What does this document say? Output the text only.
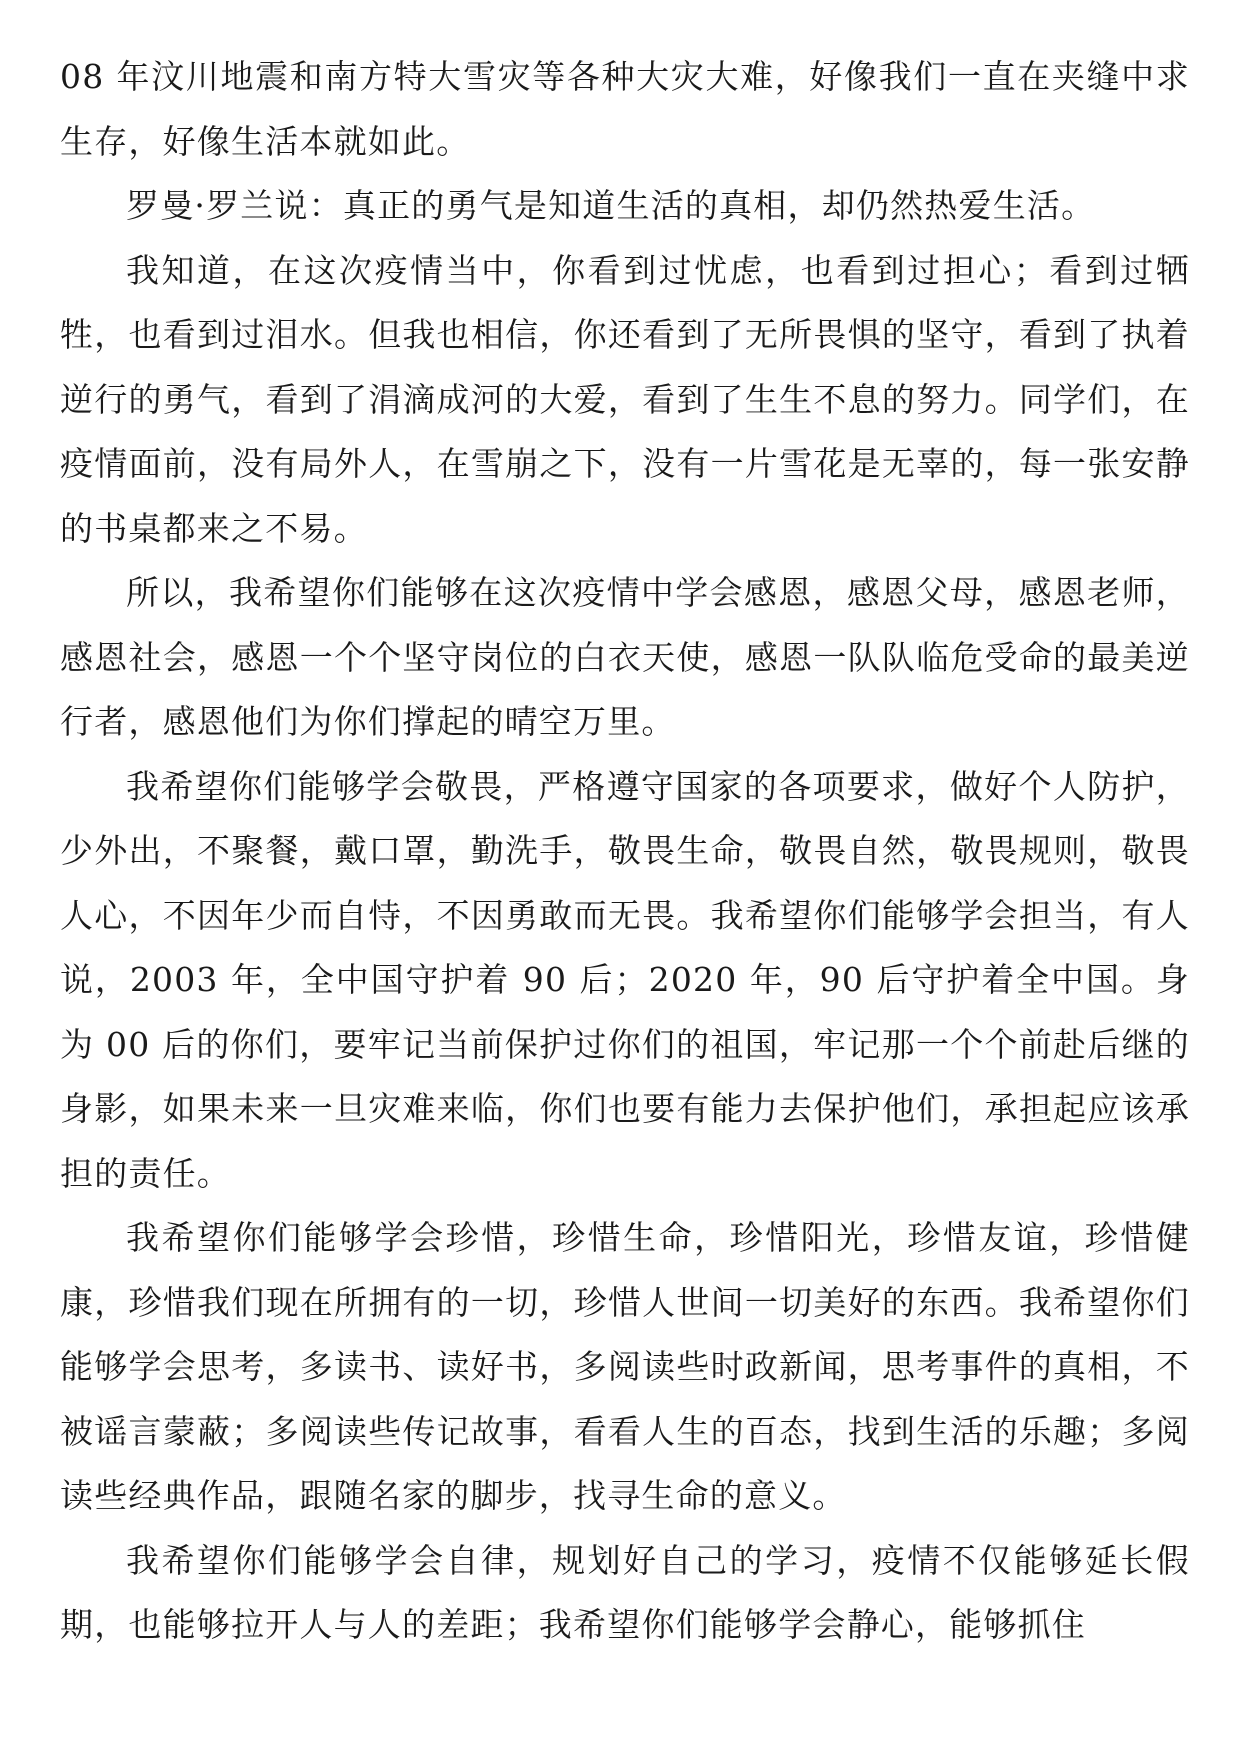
08 年汶川地震和南方特大雪灾等各种大灾大难，好像我们一直在夹缝中求生存，好像生活本就如此。

罗曼·罗兰说：真正的勇气是知道生活的真相，却仍然热爱生活。

我知道，在这次疫情当中，你看到过忧虑，也看到过担心；看到过牺牲，也看到过泪水。但我也相信，你还看到了无所畏惧的坚守，看到了执着逆行的勇气，看到了涓滴成河的大爱，看到了生生不息的努力。同学们，在疫情面前，没有局外人，在雪崩之下，没有一片雪花是无辜的，每一张安静的书桌都来之不易。

所以，我希望你们能够在这次疫情中学会感恩，感恩父母，感恩老师，感恩社会，感恩一个个坚守岗位的白衣天使，感恩一队队临危受命的最美逆行者，感恩他们为你们撑起的晴空万里。

我希望你们能够学会敬畏，严格遵守国家的各项要求，做好个人防护，少外出，不聚餐，戴口罩，勤洗手，敬畏生命，敬畏自然，敬畏规则，敬畏人心，不因年少而自恃，不因勇敢而无畏。我希望你们能够学会担当，有人说，2003 年，全中国守护着 90 后；2020 年，90 后守护着全中国。身为 00 后的你们，要牢记当前保护过你们的祖国，牢记那一个个前赴后继的身影，如果未来一旦灾难来临，你们也要有能力去保护他们，承担起应该承担的责任。

我希望你们能够学会珍惜，珍惜生命，珍惜阳光，珍惜友谊，珍惜健康，珍惜我们现在所拥有的一切，珍惜人世间一切美好的东西。我希望你们能够学会思考，多读书、读好书，多阅读些时政新闻，思考事件的真相，不被谣言蒙蔽；多阅读些传记故事，看看人生的百态，找到生活的乐趣；多阅读些经典作品，跟随名家的脚步，找寻生命的意义。

我希望你们能够学会自律，规划好自己的学习，疫情不仅能够延长假期，也能够拉开人与人的差距；我希望你们能够学会静心，能够抓住
